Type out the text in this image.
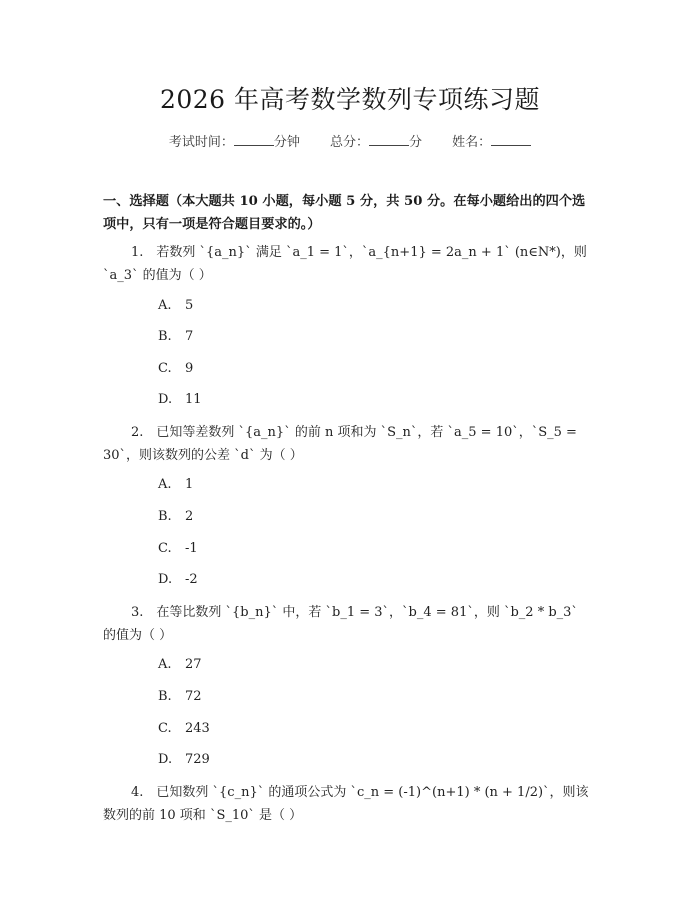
2026 年高考数学数列专项练习题
考试时间：	分钟 总分：	分 姓名：
一、选择题（本大题共 10 小题，每小题 5 分，共 50 分。在每小题给出的四个选项中，只有一项是符合题目要求的。）
1.　若数列 `{a_n}` 满足 `a_1 = 1`，`a_{n+1} = 2a_n + 1` (n∈N*)，则 `a_3` 的值为（ ）
A. 5
B. 7
C. 9
D. 11
2.　已知等差数列 `{a_n}` 的前 n 项和为 `S_n`，若 `a_5 = 10`，`S_5 = 30`，则该数列的公差 `d` 为（ ）
A. 1
B. 2
C. -1
D. -2
3.　在等比数列 `{b_n}` 中，若 `b_1 = 3`，`b_4 = 81`，则 `b_2 * b_3` 的值为（ ）
A. 27
B. 72
C. 243
D. 729
4.　已知数列 `{c_n}` 的通项公式为 `c_n = (-1)^(n+1) * (n + 1/2)`，则该数列的前 10 项和 `S_10` 是（ ）
